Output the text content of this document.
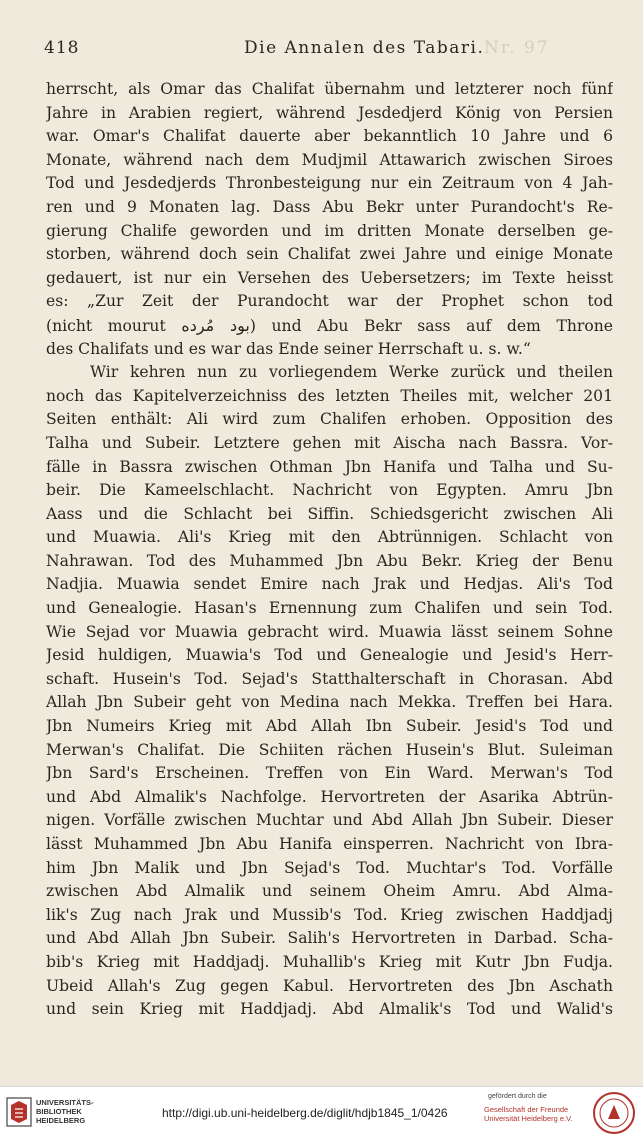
418	Die Annalen des Tabari. Nr. 97
herrscht, als Omar das Chalifat übernahm und letzterer noch fünf
Jahre in Arabien regiert, während Jesdedjerd König von Persien
war. Omar's Chalifat dauerte aber bekanntlich 10 Jahre und 6
Monate, während nach dem Mudjmil Attawarich zwischen Siroes
Tod und Jesdedjerds Thronbesteigung nur ein Zeitraum von 4 Jah-
ren und 9 Monaten lag. Dass Abu Bekr unter Purandocht's Re-
gierung Chalife geworden und im dritten Monate derselben ge-
storben, während doch sein Chalifat zwei Jahre und einige Monate
gedauert, ist nur ein Versehen des Uebersetzers; im Texte heisst
es: „Zur Zeit der Purandocht war der Prophet schon tod
(nicht mourut بود مُرده) und Abu Bekr sass auf dem Throne
des Chalifats und es war das Ende seiner Herrschaft u. s. w.“
Wir kehren nun zu vorliegendem Werke zurück und theilen
noch das Kapitelverzeichniss des letzten Theiles mit, welcher 201
Seiten enthält: Ali wird zum Chalifen erhoben. Opposition des
Talha und Subeir. Letztere gehen mit Aischa nach Bassra. Vor-
fälle in Bassra zwischen Othman Jbn Hanifa und Talha und Su-
beir. Die Kameelschlacht. Nachricht von Egypten. Amru Jbn
Aass und die Schlacht bei Siffin. Schiedsgericht zwischen Ali
und Muawia. Ali's Krieg mit den Abtrünnigen. Schlacht von
Nahrawan. Tod des Muhammed Jbn Abu Bekr. Krieg der Benu
Nadjia. Muawia sendet Emire nach Jrak und Hedjas. Ali's Tod
und Genealogie. Hasan's Ernennung zum Chalifen und sein Tod.
Wie Sejad vor Muawia gebracht wird. Muawia lässt seinem Sohne
Jesid huldigen, Muawia's Tod und Genealogie und Jesid's Herr-
schaft. Husein's Tod. Sejad's Statthalterschaft in Chorasan. Abd
Allah Jbn Subeir geht von Medina nach Mekka. Treffen bei Hara.
Jbn Numeirs Krieg mit Abd Allah Ibn Subeir. Jesid's Tod und
Merwan's Chalifat. Die Schiiten rächen Husein's Blut. Suleiman
Jbn Sard's Erscheinen. Treffen von Ein Ward. Merwan's Tod
und Abd Almalik's Nachfolge. Hervortreten der Asarika Abtrün-
nigen. Vorfälle zwischen Muchtar und Abd Allah Jbn Subeir. Dieser
lässt Muhammed Jbn Abu Hanifa einsperren. Nachricht von Ibra-
him Jbn Malik und Jbn Sejad's Tod. Muchtar's Tod. Vorfälle
zwischen Abd Almalik und seinem Oheim Amru. Abd Alma-
lik's Zug nach Jrak und Mussib's Tod. Krieg zwischen Haddjadj
und Abd Allah Jbn Subeir. Salih's Hervortreten in Darbad. Scha-
bib's Krieg mit Haddjadj. Muhallib's Krieg mit Kutr Jbn Fudja.
Ubeid Allah's Zug gegen Kabul. Hervortreten des Jbn Aschath
und sein Krieg mit Haddjadj. Abd Almalik's Tod und Walid's
UNIVERSITÄTS-
BIBLIOTHEK
HEIDELBERG
http://digi.ub.uni-heidelberg.de/diglit/hdjb1845_1/0426
gefördert durch die
Gesellschaft der Freunde
Universität Heidelberg e.V.
